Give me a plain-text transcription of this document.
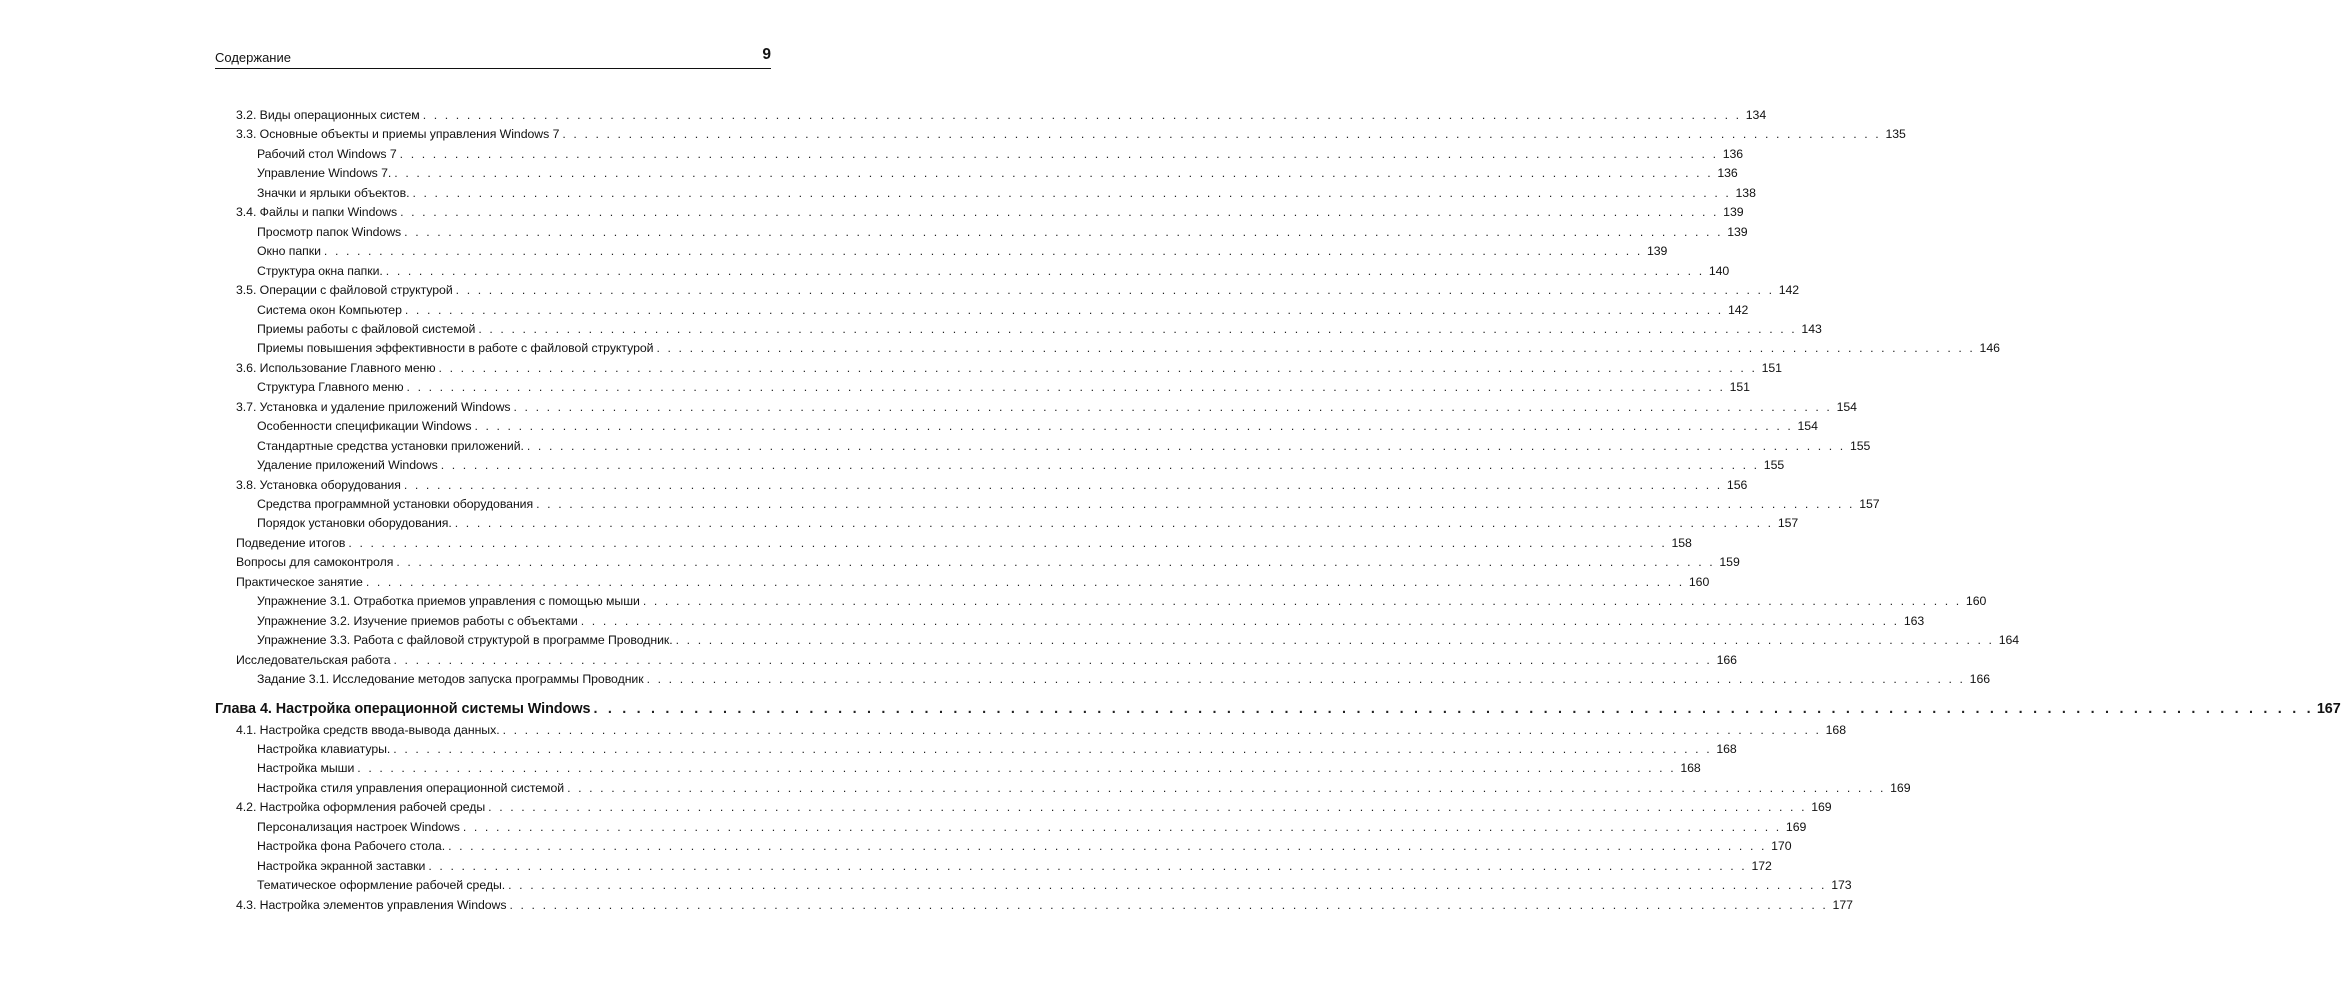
Содержание	9
3.2. Виды операционных систем . . . . . . . . . . . . . . . . . . . . . . . . . . . . . . . . . . . . . . . . . . . . . . . . . . . . . . . . . . . . . . . . . . . . . . . . . . . . . . . . . . . . . . . . . . . . . . . . . . . . . . . . . . . . . . . . . . . . . . . . 134
3.3. Основные объекты и приемы управления Windows 7 . . . . . . . . . . . . . . . . . . . . . . . . . . . . . . . . . . . . . . . . . . . . . . . . . . . . . . . . . . . . . . . . . . . . . . . . . . . . . . . . . . . . . . . . . . . . . . . . . . . . . . . . . . . . . . . . . . . . . . . . 135
Рабочий стол Windows 7 . . . . . . . . . . . . . . . . . . . . . . . . . . . . . . . . . . . . . . . . . . . . . . . . . . . . . . . . . . . . . . . . . . . . . . . . . . . . . . . . . . . . . . . . . . . . . . . . . . . . . . . . . . . . . . . . . . . . . . . . 136
Управление Windows 7. . . . . . . . . . . . . . . . . . . . . . . . . . . . . . . . . . . . . . . . . . . . . . . . . . . . . . . . . . . . . . . . . . . . . . . . . . . . . . . . . . . . . . . . . . . . . . . . . . . . . . . . . . . . . . . . . . . . . . . . . 136
Значки и ярлыки объектов. . . . . . . . . . . . . . . . . . . . . . . . . . . . . . . . . . . . . . . . . . . . . . . . . . . . . . . . . . . . . . . . . . . . . . . . . . . . . . . . . . . . . . . . . . . . . . . . . . . . . . . . . . . . . . . . . . . . . . . . . 138
3.4. Файлы и папки Windows . . . . . . . . . . . . . . . . . . . . . . . . . . . . . . . . . . . . . . . . . . . . . . . . . . . . . . . . . . . . . . . . . . . . . . . . . . . . . . . . . . . . . . . . . . . . . . . . . . . . . . . . . . . . . . . . . . . . . . . . 139
Просмотр папок Windows . . . . . . . . . . . . . . . . . . . . . . . . . . . . . . . . . . . . . . . . . . . . . . . . . . . . . . . . . . . . . . . . . . . . . . . . . . . . . . . . . . . . . . . . . . . . . . . . . . . . . . . . . . . . . . . . . . . . . . . . 139
Окно папки . . . . . . . . . . . . . . . . . . . . . . . . . . . . . . . . . . . . . . . . . . . . . . . . . . . . . . . . . . . . . . . . . . . . . . . . . . . . . . . . . . . . . . . . . . . . . . . . . . . . . . . . . . . . . . . . . . . . . . . . 139
Структура окна папки. . . . . . . . . . . . . . . . . . . . . . . . . . . . . . . . . . . . . . . . . . . . . . . . . . . . . . . . . . . . . . . . . . . . . . . . . . . . . . . . . . . . . . . . . . . . . . . . . . . . . . . . . . . . . . . . . . . . . . . . . 140
3.5. Операции с файловой структурой . . . . . . . . . . . . . . . . . . . . . . . . . . . . . . . . . . . . . . . . . . . . . . . . . . . . . . . . . . . . . . . . . . . . . . . . . . . . . . . . . . . . . . . . . . . . . . . . . . . . . . . . . . . . . . . . . . . . . . . . 142
Система окон Компьютер . . . . . . . . . . . . . . . . . . . . . . . . . . . . . . . . . . . . . . . . . . . . . . . . . . . . . . . . . . . . . . . . . . . . . . . . . . . . . . . . . . . . . . . . . . . . . . . . . . . . . . . . . . . . . . . . . . . . . . . . 142
Приемы работы с файловой системой . . . . . . . . . . . . . . . . . . . . . . . . . . . . . . . . . . . . . . . . . . . . . . . . . . . . . . . . . . . . . . . . . . . . . . . . . . . . . . . . . . . . . . . . . . . . . . . . . . . . . . . . . . . . . . . . . . . . . . . . 143
Приемы повышения эффективности в работе с файловой структурой . . . . . . . . . . . . . . . . . . . . . . . . . . . . . . . . . . . . . . . . . . . . . . . . . . . . . . . . . . . . . . . . . . . . . . . . . . . . . . . . . . . . . . . . . . . . . . . . . . . . . . . . . . . . . . . . . . . . . . . . 146
3.6. Использование Главного меню . . . . . . . . . . . . . . . . . . . . . . . . . . . . . . . . . . . . . . . . . . . . . . . . . . . . . . . . . . . . . . . . . . . . . . . . . . . . . . . . . . . . . . . . . . . . . . . . . . . . . . . . . . . . . . . . . . . . . . . . 151
Структура Главного меню . . . . . . . . . . . . . . . . . . . . . . . . . . . . . . . . . . . . . . . . . . . . . . . . . . . . . . . . . . . . . . . . . . . . . . . . . . . . . . . . . . . . . . . . . . . . . . . . . . . . . . . . . . . . . . . . . . . . . . . . 151
3.7. Установка и удаление приложений Windows . . . . . . . . . . . . . . . . . . . . . . . . . . . . . . . . . . . . . . . . . . . . . . . . . . . . . . . . . . . . . . . . . . . . . . . . . . . . . . . . . . . . . . . . . . . . . . . . . . . . . . . . . . . . . . . . . . . . . . . . 154
Особенности спецификации Windows . . . . . . . . . . . . . . . . . . . . . . . . . . . . . . . . . . . . . . . . . . . . . . . . . . . . . . . . . . . . . . . . . . . . . . . . . . . . . . . . . . . . . . . . . . . . . . . . . . . . . . . . . . . . . . . . . . . . . . . . 154
Стандартные средства установки приложений. . . . . . . . . . . . . . . . . . . . . . . . . . . . . . . . . . . . . . . . . . . . . . . . . . . . . . . . . . . . . . . . . . . . . . . . . . . . . . . . . . . . . . . . . . . . . . . . . . . . . . . . . . . . . . . . . . . . . . . . . 155
Удаление приложений Windows . . . . . . . . . . . . . . . . . . . . . . . . . . . . . . . . . . . . . . . . . . . . . . . . . . . . . . . . . . . . . . . . . . . . . . . . . . . . . . . . . . . . . . . . . . . . . . . . . . . . . . . . . . . . . . . . . . . . . . . . 155
3.8. Установка оборудования . . . . . . . . . . . . . . . . . . . . . . . . . . . . . . . . . . . . . . . . . . . . . . . . . . . . . . . . . . . . . . . . . . . . . . . . . . . . . . . . . . . . . . . . . . . . . . . . . . . . . . . . . . . . . . . . . . . . . . . . 156
Средства программной установки оборудования . . . . . . . . . . . . . . . . . . . . . . . . . . . . . . . . . . . . . . . . . . . . . . . . . . . . . . . . . . . . . . . . . . . . . . . . . . . . . . . . . . . . . . . . . . . . . . . . . . . . . . . . . . . . . . . . . . . . . . . . 157
Порядок установки оборудования. . . . . . . . . . . . . . . . . . . . . . . . . . . . . . . . . . . . . . . . . . . . . . . . . . . . . . . . . . . . . . . . . . . . . . . . . . . . . . . . . . . . . . . . . . . . . . . . . . . . . . . . . . . . . . . . . . . . . . . . . 157
Подведение итогов . . . . . . . . . . . . . . . . . . . . . . . . . . . . . . . . . . . . . . . . . . . . . . . . . . . . . . . . . . . . . . . . . . . . . . . . . . . . . . . . . . . . . . . . . . . . . . . . . . . . . . . . . . . . . . . . . . . . . . . . 158
Вопросы для самоконтроля . . . . . . . . . . . . . . . . . . . . . . . . . . . . . . . . . . . . . . . . . . . . . . . . . . . . . . . . . . . . . . . . . . . . . . . . . . . . . . . . . . . . . . . . . . . . . . . . . . . . . . . . . . . . . . . . . . . . . . . . 159
Практическое занятие . . . . . . . . . . . . . . . . . . . . . . . . . . . . . . . . . . . . . . . . . . . . . . . . . . . . . . . . . . . . . . . . . . . . . . . . . . . . . . . . . . . . . . . . . . . . . . . . . . . . . . . . . . . . . . . . . . . . . . . . 160
Упражнение 3.1. Отработка приемов управления с помощью мыши . . . . . . . . . . . . . . . . . . . . . . . . . . . . . . . . . . . . . . . . . . . . . . . . . . . . . . . . . . . . . . . . . . . . . . . . . . . . . . . . . . . . . . . . . . . . . . . . . . . . . . . . . . . . . . . . . . . . . . . . 160
Упражнение 3.2. Изучение приемов работы с объектами . . . . . . . . . . . . . . . . . . . . . . . . . . . . . . . . . . . . . . . . . . . . . . . . . . . . . . . . . . . . . . . . . . . . . . . . . . . . . . . . . . . . . . . . . . . . . . . . . . . . . . . . . . . . . . . . . . . . . . . . 163
Упражнение 3.3. Работа с файловой структурой в программе Проводник. . . . . . . . . . . . . . . . . . . . . . . . . . . . . . . . . . . . . . . . . . . . . . . . . . . . . . . . . . . . . . . . . . . . . . . . . . . . . . . . . . . . . . . . . . . . . . . . . . . . . . . . . . . . . . . . . . . . . . . . . 164
Исследовательская работа . . . . . . . . . . . . . . . . . . . . . . . . . . . . . . . . . . . . . . . . . . . . . . . . . . . . . . . . . . . . . . . . . . . . . . . . . . . . . . . . . . . . . . . . . . . . . . . . . . . . . . . . . . . . . . . . . . . . . . . . 166
Задание 3.1. Исследование методов запуска программы Проводник . . . . . . . . . . . . . . . . . . . . . . . . . . . . . . . . . . . . . . . . . . . . . . . . . . . . . . . . . . . . . . . . . . . . . . . . . . . . . . . . . . . . . . . . . . . . . . . . . . . . . . . . . . . . . . . . . . . . . . . . 166
Глава 4. Настройка операционной системы Windows . . . . . . . . . . . . . . . . . . . . . . . . . . . . . . . . . . . . . . . . . . . . . . . . . . . . . . . . . . . . . . . . . . . . . . . . . . . . . . . . . . . . . . . . . . . . . . . . . . . . . . . . . . . . . . . . . . . . . . . . 167
4.1. Настройка средств ввода-вывода данных. . . . . . . . . . . . . . . . . . . . . . . . . . . . . . . . . . . . . . . . . . . . . . . . . . . . . . . . . . . . . . . . . . . . . . . . . . . . . . . . . . . . . . . . . . . . . . . . . . . . . . . . . . . . . . . . . . . . . . . . . 168
Настройка клавиатуры. . . . . . . . . . . . . . . . . . . . . . . . . . . . . . . . . . . . . . . . . . . . . . . . . . . . . . . . . . . . . . . . . . . . . . . . . . . . . . . . . . . . . . . . . . . . . . . . . . . . . . . . . . . . . . . . . . . . . . . . . 168
Настройка мыши . . . . . . . . . . . . . . . . . . . . . . . . . . . . . . . . . . . . . . . . . . . . . . . . . . . . . . . . . . . . . . . . . . . . . . . . . . . . . . . . . . . . . . . . . . . . . . . . . . . . . . . . . . . . . . . . . . . . . . . . 168
Настройка стиля управления операционной системой . . . . . . . . . . . . . . . . . . . . . . . . . . . . . . . . . . . . . . . . . . . . . . . . . . . . . . . . . . . . . . . . . . . . . . . . . . . . . . . . . . . . . . . . . . . . . . . . . . . . . . . . . . . . . . . . . . . . . . . . 169
4.2. Настройка оформления рабочей среды . . . . . . . . . . . . . . . . . . . . . . . . . . . . . . . . . . . . . . . . . . . . . . . . . . . . . . . . . . . . . . . . . . . . . . . . . . . . . . . . . . . . . . . . . . . . . . . . . . . . . . . . . . . . . . . . . . . . . . . . 169
Персонализация настроек Windows . . . . . . . . . . . . . . . . . . . . . . . . . . . . . . . . . . . . . . . . . . . . . . . . . . . . . . . . . . . . . . . . . . . . . . . . . . . . . . . . . . . . . . . . . . . . . . . . . . . . . . . . . . . . . . . . . . . . . . . . 169
Настройка фона Рабочего стола. . . . . . . . . . . . . . . . . . . . . . . . . . . . . . . . . . . . . . . . . . . . . . . . . . . . . . . . . . . . . . . . . . . . . . . . . . . . . . . . . . . . . . . . . . . . . . . . . . . . . . . . . . . . . . . . . . . . . . . . . 170
Настройка экранной заставки . . . . . . . . . . . . . . . . . . . . . . . . . . . . . . . . . . . . . . . . . . . . . . . . . . . . . . . . . . . . . . . . . . . . . . . . . . . . . . . . . . . . . . . . . . . . . . . . . . . . . . . . . . . . . . . . . . . . . . . . 172
Тематическое оформление рабочей среды. . . . . . . . . . . . . . . . . . . . . . . . . . . . . . . . . . . . . . . . . . . . . . . . . . . . . . . . . . . . . . . . . . . . . . . . . . . . . . . . . . . . . . . . . . . . . . . . . . . . . . . . . . . . . . . . . . . . . . . . . 173
4.3. Настройка элементов управления Windows . . . . . . . . . . . . . . . . . . . . . . . . . . . . . . . . . . . . . . . . . . . . . . . . . . . . . . . . . . . . . . . . . . . . . . . . . . . . . . . . . . . . . . . . . . . . . . . . . . . . . . . . . . . . . . . . . . . . . . . . 177
